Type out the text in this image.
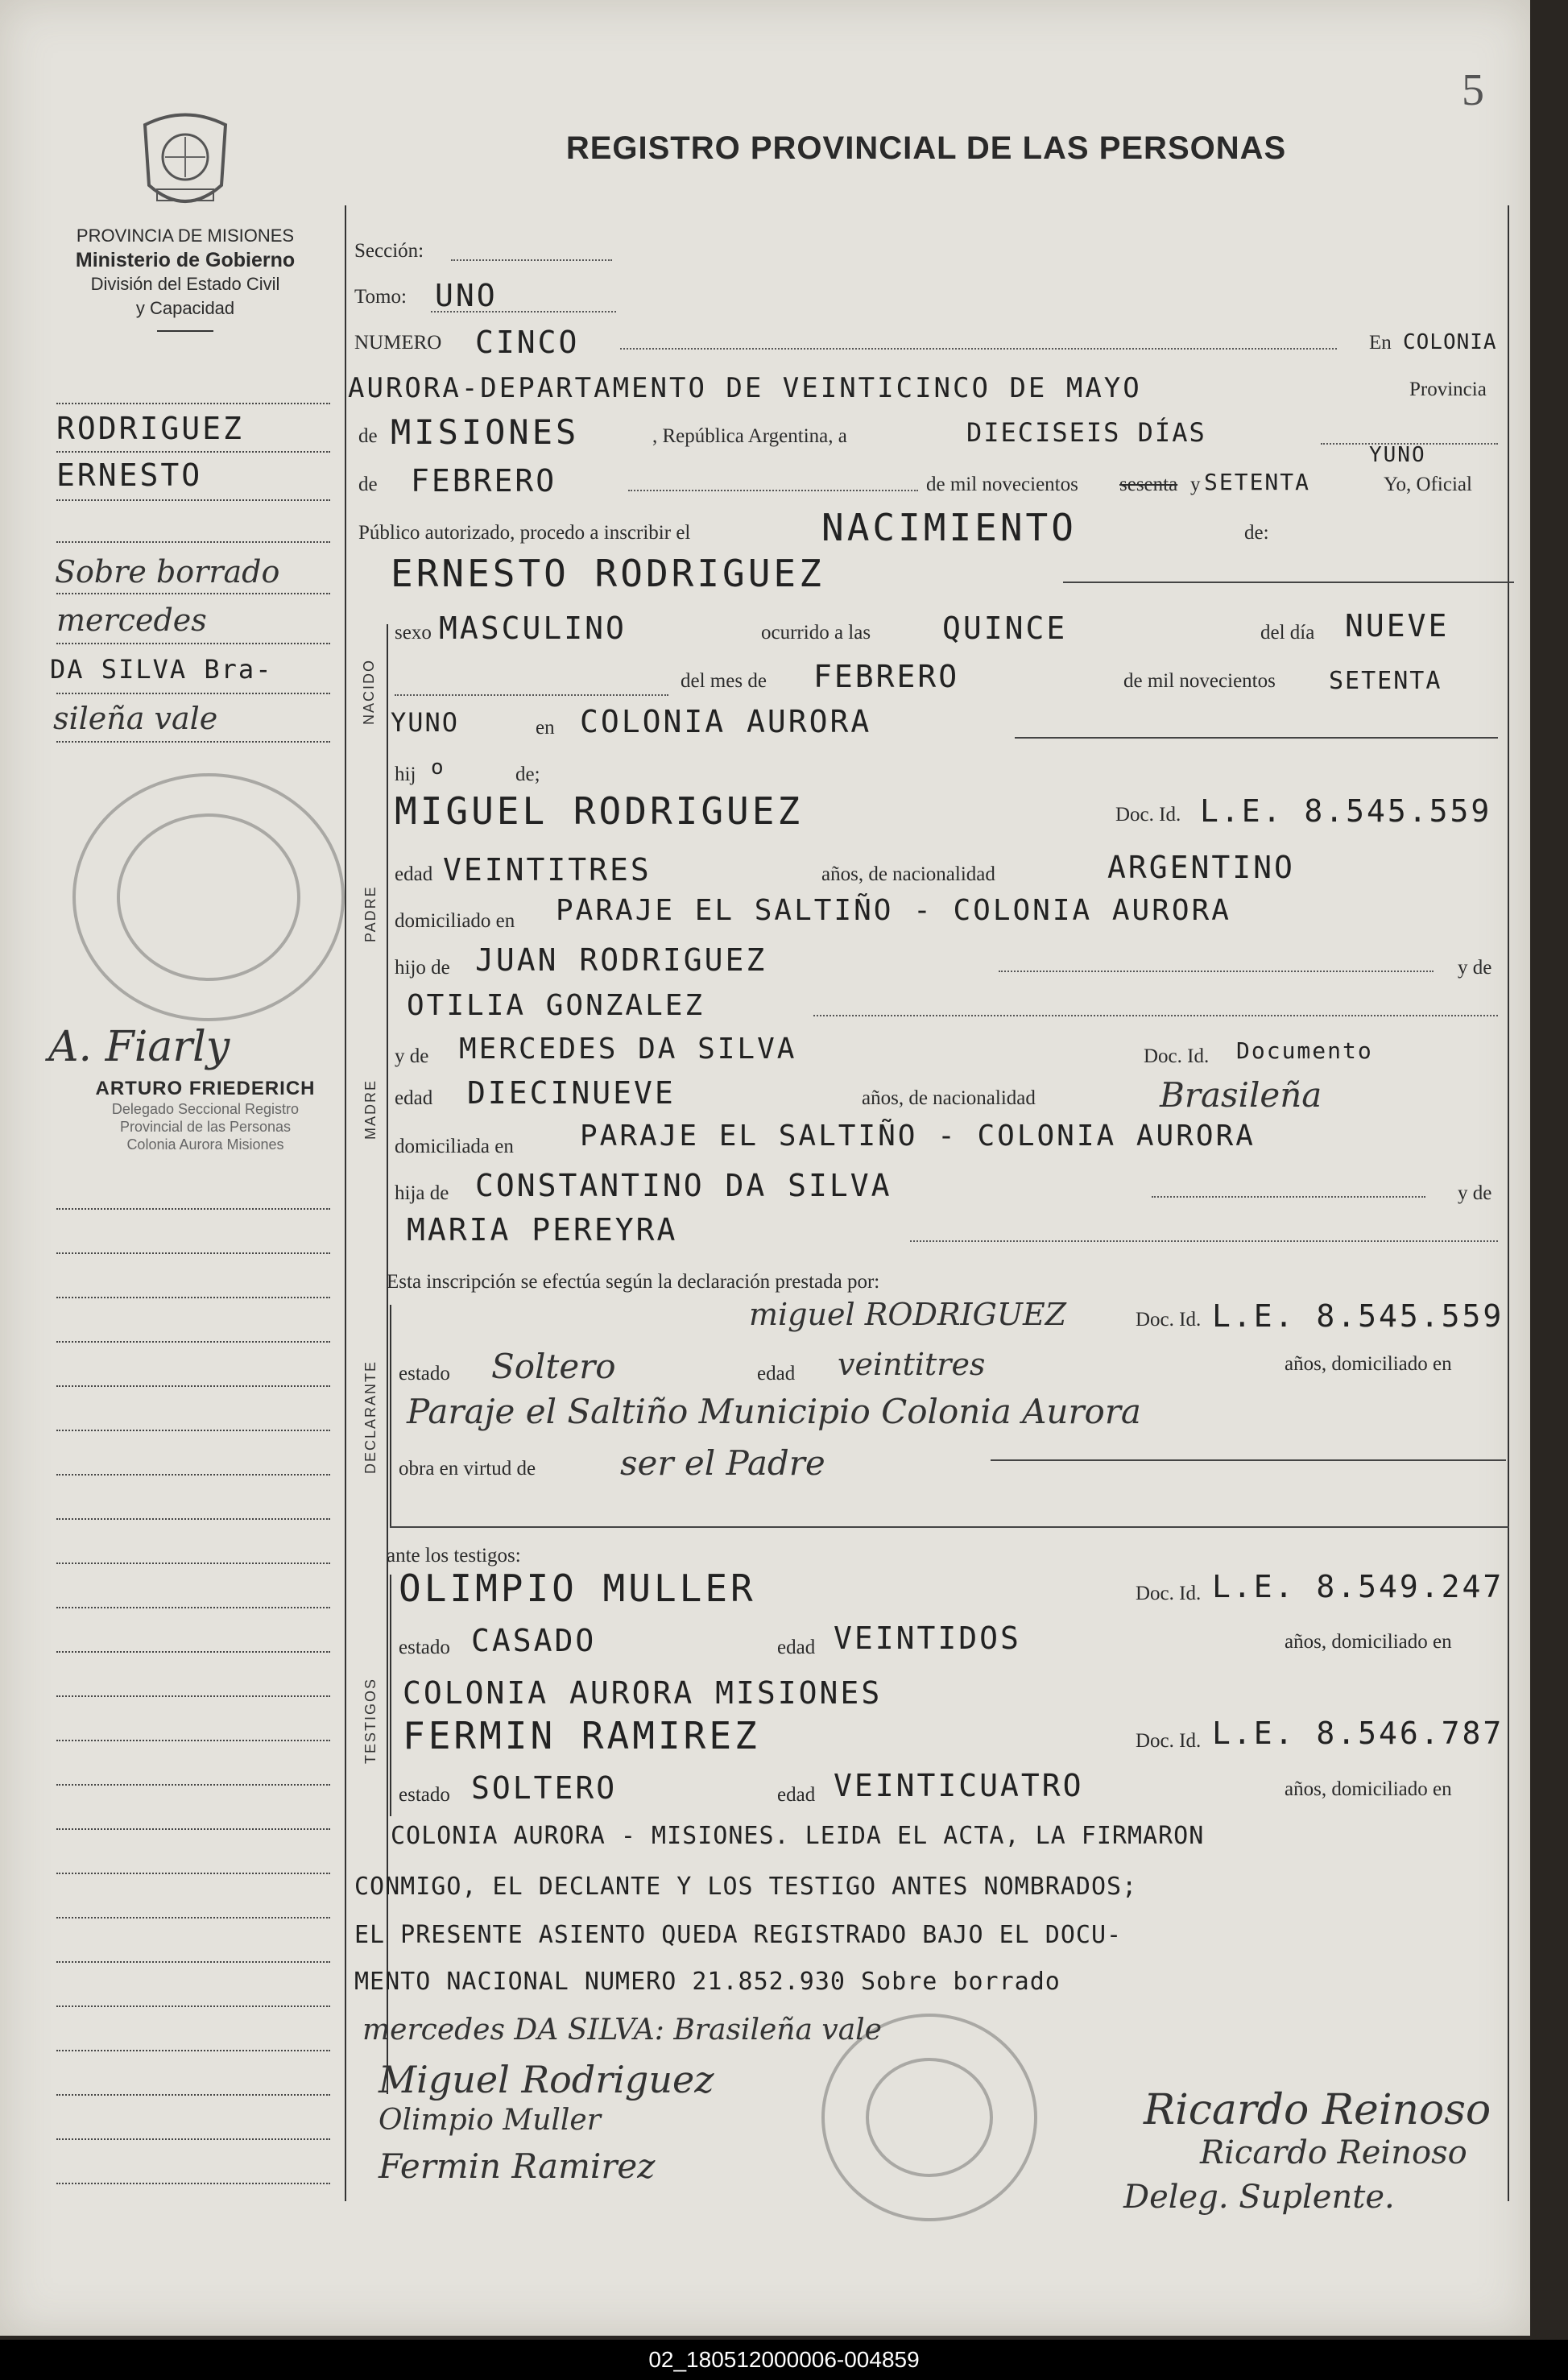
5
REGISTRO PROVINCIAL DE LAS PERSONAS
PROVINCIA DE MISIONES
Ministerio de Gobierno
División del Estado Civil
y Capacidad
RODRIGUEZ
ERNESTO
Sobre borrado
mercedes
DA SILVA Bra-
sileña vale
A. Fiarly
ARTURO FRIEDERICH
Delegado Seccional Registro
Provincial de las Personas
Colonia Aurora Misiones
Sección:
Tomo: UNO
NUMERO CINCO	En COLONIA
AURORA-DEPARTAMENTO DE VEINTICINCO DE MAYO	Provincia
de MISIONES	, República Argentina, a	DIECISEIS DÍAS
de FEBRERO	de mil novecientos sesenta y SETENTA
YUNO
Yo, Oficial
Público autorizado, procedo a inscribir el	NACIMIENTO	de:
ERNESTO RODRIGUEZ
NACIDO
sexo MASCULINO	ocurrido a las QUINCE	del día NUEVE
del mes de FEBRERO	de mil novecientos SETENTA
YUNO	en COLONIA AURORA
hij o	de;
PADRE
MIGUEL RODRIGUEZ	Doc. Id. L.E. 8.545.559
edad VEINTITRES	años, de nacionalidad	ARGENTINO
domiciliado en PARAJE EL SALTIÑO - COLONIA AURORA
hijo de JUAN RODRIGUEZ	y de
OTILIA GONZALEZ
MADRE
y de MERCEDES DA SILVA	Doc. Id. Documento
edad DIECINUEVE	años, de nacionalidad	Brasileña
domiciliada en PARAJE EL SALTIÑO - COLONIA AURORA
hija de CONSTANTINO DA SILVA	y de
MARIA PEREYRA
Esta inscripción se efectúa según la declaración prestada por:
DECLARANTE
miguel RODRIGUEZ	Doc. Id. L.E. 8.545.559
estado Soltero	edad veintitres	años, domiciliado en
Paraje el Saltiño Municipio Colonia Aurora
obra en virtud de ser el Padre
ante los testigos:
TESTIGOS
OLIMPIO MULLER	Doc. Id. L.E. 8.549.247
estado CASADO	edad VEINTIDOS	años, domiciliado en
COLONIA AURORA MISIONES
FERMIN RAMIREZ	Doc. Id. L.E. 8.546.787
estado SOLTERO	edad VEINTICUATRO	años, domiciliado en
COLONIA AURORA - MISIONES. LEIDA EL ACTA, LA FIRMARON
CONMIGO, EL DECLANTE Y LOS TESTIGO ANTES NOMBRADOS;
EL PRESENTE ASIENTO QUEDA REGISTRADO BAJO EL DOCU-
MENTO NACIONAL NUMERO 21.852.930 Sobre borrado
mercedes DA SILVA: Brasileña vale
Miguel Rodriguez
Olimpio Muller
Fermin Ramirez
Ricardo Reinoso
Ricardo Reinoso
Deleg. Suplente.
02_180512000006-004859
